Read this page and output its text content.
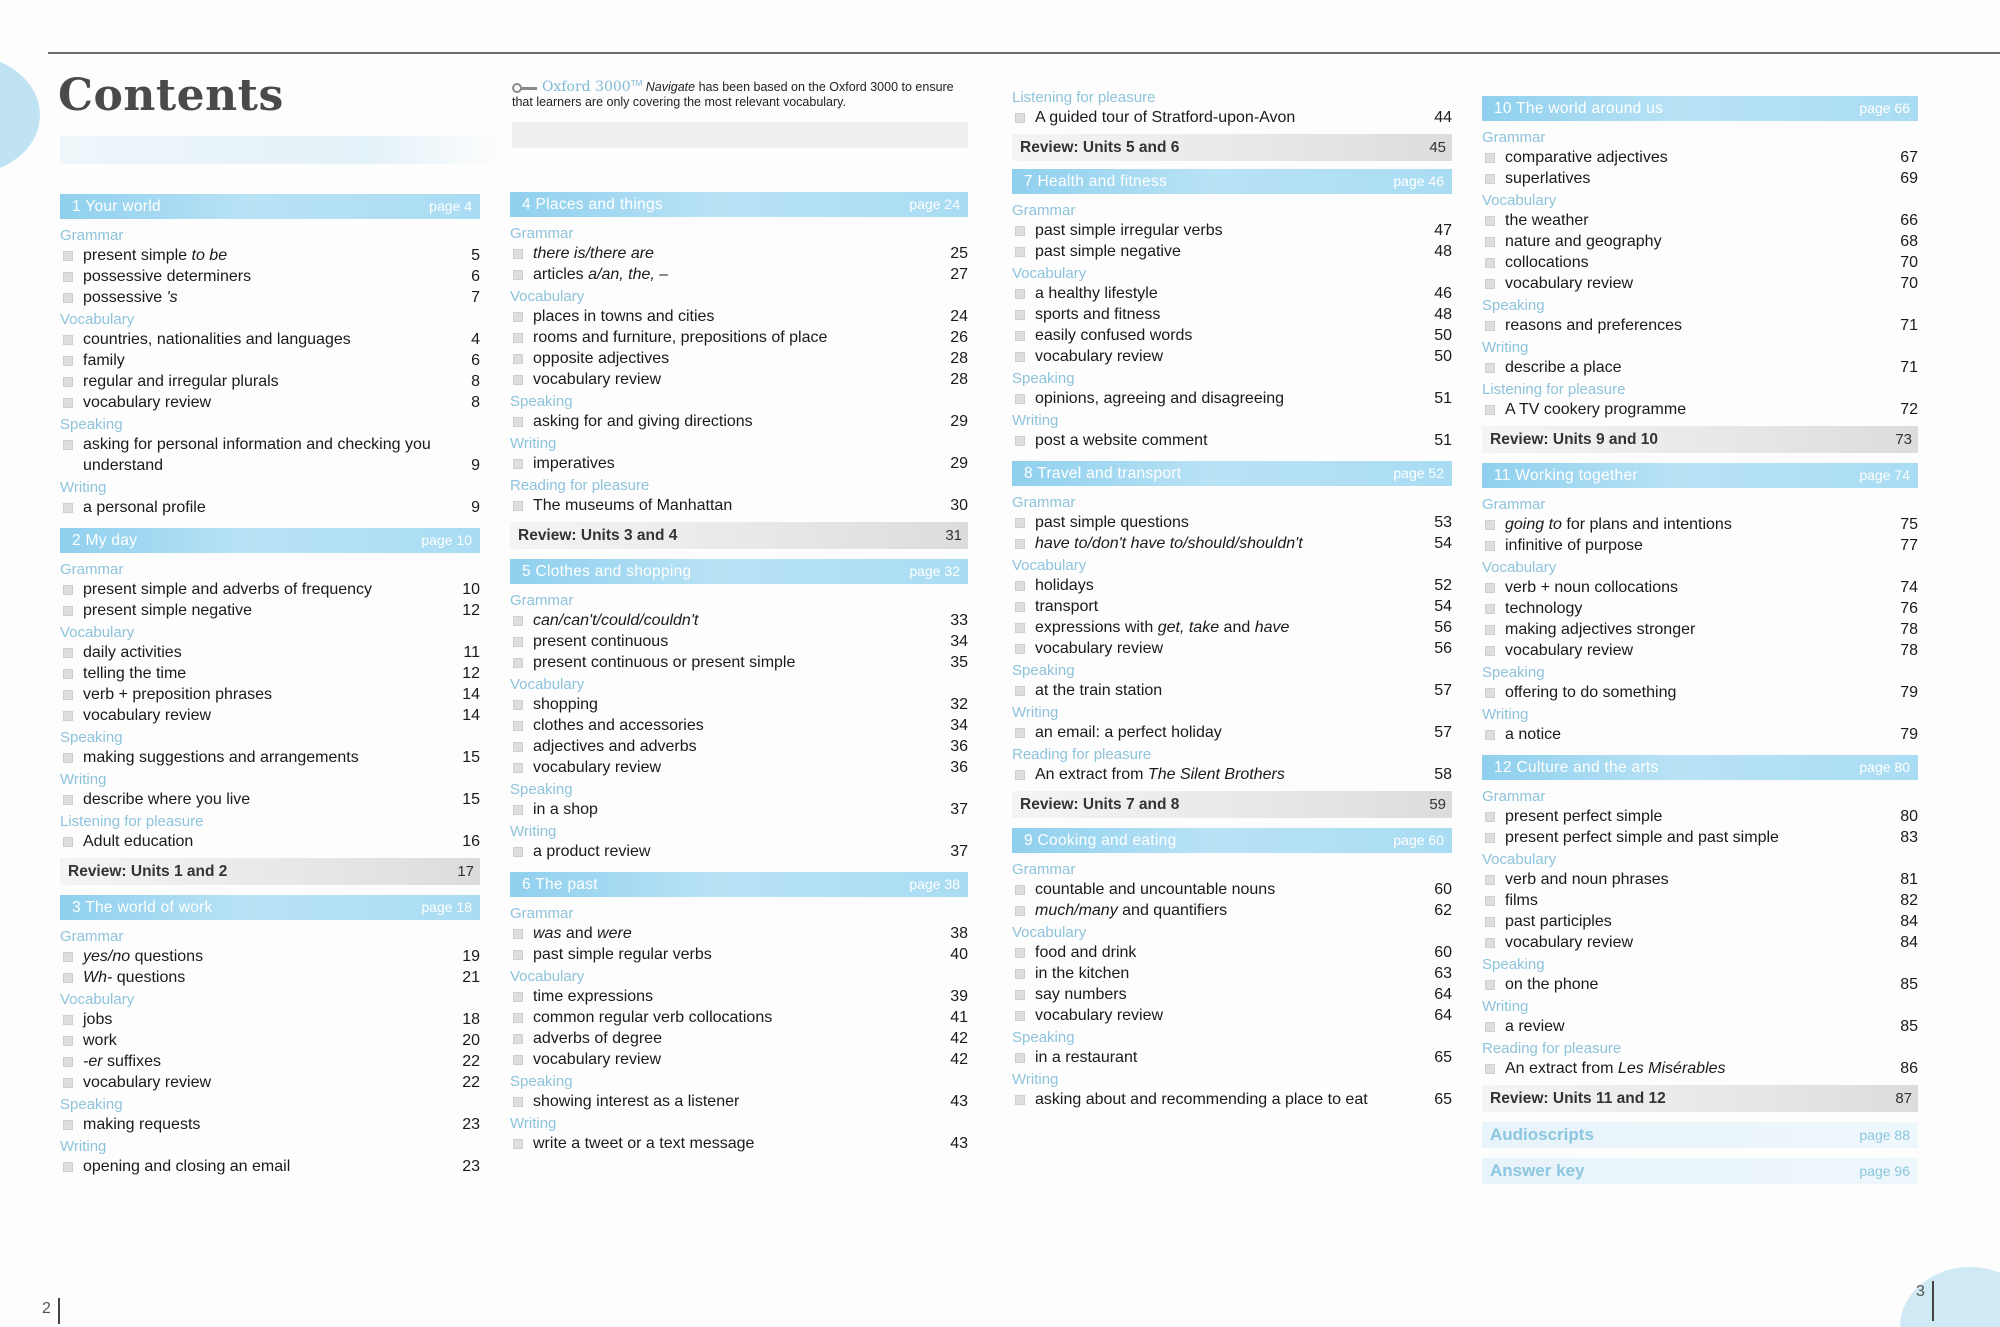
Contents	Oxford 3000™ Navigate has been based on the Oxford 3000 to ensure that learners are only covering the most relevant vocabulary.
1 Your world	page 4
Grammar
present simple to be	5
possessive determiners	6
possessive 's	7
Vocabulary
countries, nationalities and languages	4
family	6
regular and irregular plurals	8
vocabulary review	8
Speaking
asking for personal information and checking you understand	9
Writing
a personal profile	9
2 My day	page 10
Grammar
present simple and adverbs of frequency	10
present simple negative	12
Vocabulary
daily activities	11
telling the time	12
verb + preposition phrases	14
vocabulary review	14
Speaking
making suggestions and arrangements	15
Writing
describe where you live	15
Listening for pleasure
Adult education	16
Review: Units 1 and 2	17
3 The world of work	page 18
Grammar
yes/no questions	19
Wh- questions	21
Vocabulary
jobs	18
work	20
-er suffixes	22
vocabulary review	22
Speaking
making requests	23
Writing
opening and closing an email	23
4 Places and things	page 24
Grammar
there is/there are	25
articles a/an, the, –	27
Vocabulary
places in towns and cities	24
rooms and furniture, prepositions of place	26
opposite adjectives	28
vocabulary review	28
Speaking
asking for and giving directions	29
Writing
imperatives	29
Reading for pleasure
The museums of Manhattan	30
Review: Units 3 and 4	31
5 Clothes and shopping	page 32
Grammar
can/can't/could/couldn't	33
present continuous	34
present continuous or present simple	35
Vocabulary
shopping	32
clothes and accessories	34
adjectives and adverbs	36
vocabulary review	36
Speaking
in a shop	37
Writing
a product review	37
6 The past	page 38
Grammar
was and were	38
past simple regular verbs	40
Vocabulary
time expressions	39
common regular verb collocations	41
adverbs of degree	42
vocabulary review	42
Speaking
showing interest as a listener	43
Writing
write a tweet or a text message	43
Listening for pleasure
A guided tour of Stratford-upon-Avon	44
Review: Units 5 and 6	45
7 Health and fitness	page 46
Grammar
past simple irregular verbs	47
past simple negative	48
Vocabulary
a healthy lifestyle	46
sports and fitness	48
easily confused words	50
vocabulary review	50
Speaking
opinions, agreeing and disagreeing	51
Writing
post a website comment	51
8 Travel and transport	page 52
Grammar
past simple questions	53
have to/don't have to/should/shouldn't	54
Vocabulary
holidays	52
transport	54
expressions with get, take and have	56
vocabulary review	56
Speaking
at the train station	57
Writing
an email: a perfect holiday	57
Reading for pleasure
An extract from The Silent Brothers	58
Review: Units 7 and 8	59
9 Cooking and eating	page 60
Grammar
countable and uncountable nouns	60
much/many and quantifiers	62
Vocabulary
food and drink	60
in the kitchen	63
say numbers	64
vocabulary review	64
Speaking
in a restaurant	65
Writing
asking about and recommending a place to eat	65
10 The world around us	page 66
Grammar
comparative adjectives	67
superlatives	69
Vocabulary
the weather	66
nature and geography	68
collocations	70
vocabulary review	70
Speaking
reasons and preferences	71
Writing
describe a place	71
Listening for pleasure
A TV cookery programme	72
Review: Units 9 and 10	73
11 Working together	page 74
Grammar
going to for plans and intentions	75
infinitive of purpose	77
Vocabulary
verb + noun collocations	74
technology	76
making adjectives stronger	78
vocabulary review	78
Speaking
offering to do something	79
Writing
a notice	79
12 Culture and the arts	page 80
Grammar
present perfect simple	80
present perfect simple and past simple	83
Vocabulary
verb and noun phrases	81
films	82
past participles	84
vocabulary review	84
Speaking
on the phone	85
Writing
a review	85
Reading for pleasure
An extract from Les Misérables	86
Review: Units 11 and 12	87
Audioscripts	page 88
Answer key	page 96
2
3
